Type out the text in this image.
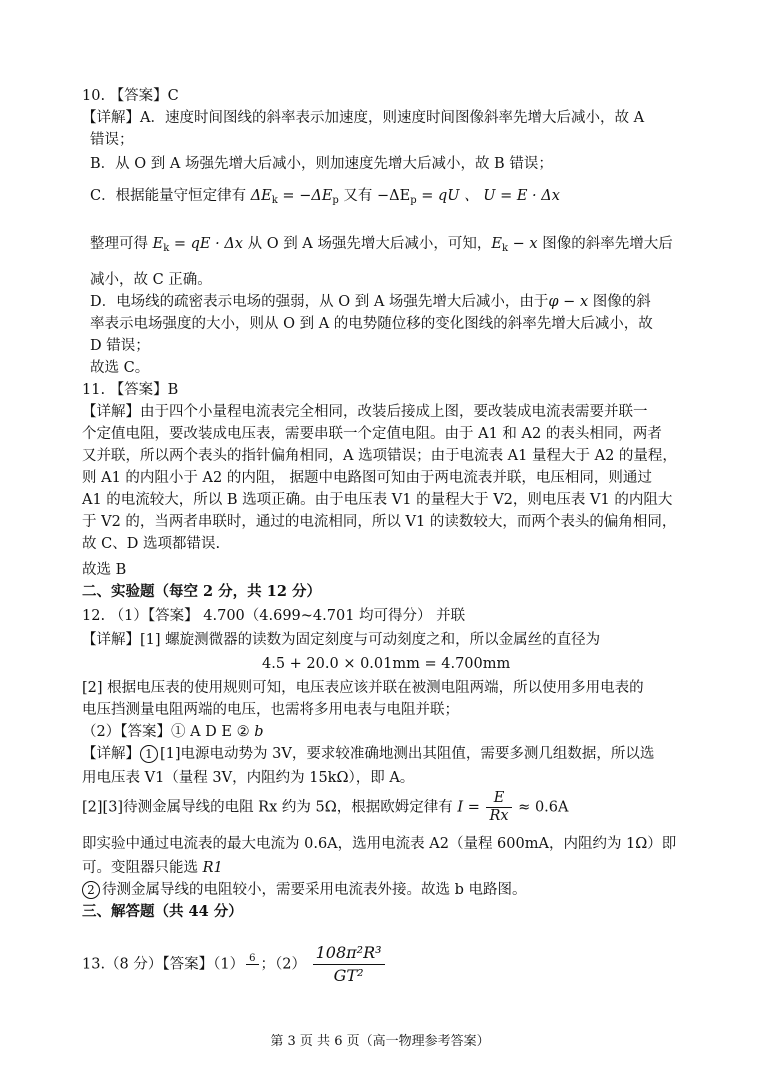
10. 【答案】C
【详解】A．速度时间图线的斜率表示加速度，则速度时间图像斜率先增大后减小，故 A
错误；
B．从 O 到 A 场强先增大后减小，则加速度先增大后减小，故 B 错误；
C．根据能量守恒定律有 $\Delta E_k = -\Delta E_p$ 又有 $-\Delta E_p$ = qU 、 U = E · Δx
整理可得 $E_k$ = qE · Δx 从 O 到 A 场强先增大后减小，可知，$E_k - x$ 图像的斜率先增大后
减小，故 C 正确。
D．电场线的疏密表示电场的强弱，从 O 到 A 场强先增大后减小，由于φ − x 图像的斜
率表示电场强度的大小，则从 O 到 A 的电势随位移的变化图线的斜率先增大后减小，故
D 错误；
故选 C。
11. 【答案】B
【详解】由于四个小量程电流表完全相同，改装后接成上图，要改装成电流表需要并联一
个定值电阻，要改装成电压表，需要串联一个定值电阻。由于 A1 和 A2 的表头相同，两者
又并联，所以两个表头的指针偏角相同，A 选项错误；由于电流表 A1 量程大于 A2 的量程，
则 A1 的内阻小于 A2 的内阻， 据题中电路图可知由于两电流表并联，电压相同，则通过
A1 的电流较大，所以 B 选项正确。由于电压表 V1 的量程大于 V2，则电压表 V1 的内阻大
于 V2 的，当两者串联时，通过的电流相同，所以 V1 的读数较大，而两个表头的偏角相同，
故 C、D 选项都错误.
故选 B
二、实验题（每空 2 分，共 12 分）
12. （1）【答案】 4.700（4.699~4.701 均可得分） 并联
【详解】[1] 螺旋测微器的读数为固定刻度与可动刻度之和，所以金属丝的直径为
4.5 + 20.0 × 0.01mm = 4.700mm
[2] 根据电压表的使用规则可知，电压表应该并联在被测电阻两端，所以使用多用电表的
电压挡测量电阻两端的电压，也需将多用电表与电阻并联；
（2）【答案】① A D E ② b
【详解】 1 [1]电源电动势为 3V，要求较准确地测出其阻值，需要多测几组数据，所以选
用电压表 V1（量程 3V，内阻约为 15kΩ），即 A。
[2][3]待测金属导线的电阻 Rx 约为 5Ω，根据欧姆定律有 $I = \frac{E}{Rx} \approx 0.6A$
即实验中通过电流表的最大电流为 0.6A，选用电流表 A2（量程 600mA，内阻约为 1Ω）即
可。变阻器只能选 R1
2 待测金属导线的电阻较小，需要采用电流表外接。故选 b 电路图。
三、解答题（共 44 分）
13.（8 分）【答案】（1） 6
；$(2) \frac{\text{108π²R³}}{\text{GT²}}$
第 3 页 共 6 页（高一物理参考答案）
